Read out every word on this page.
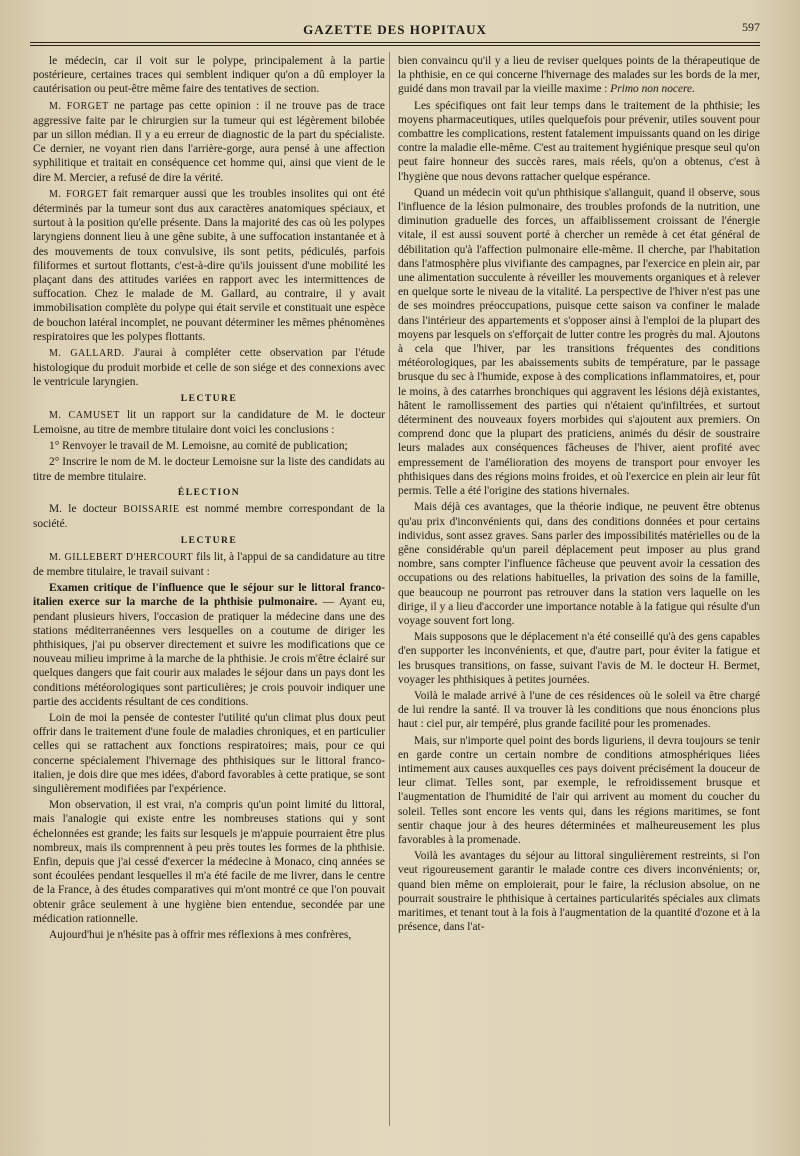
GAZETTE DES HOPITAUX	597

le médecin, car il voit sur le polype, principalement à la partie postérieure, certaines traces qui semblent indiquer qu'on a dû employer la cautérisation ou peut-être même faire des tentatives de section.

M. FORGET ne partage pas cette opinion : il ne trouve pas de trace aggressive faite par le chirurgien sur la tumeur qui est légèrement bilobée par un sillon médian. Il y a eu erreur de diagnostic de la part du spécialiste. Ce dernier, ne voyant rien dans l'arrière-gorge, aura pensé à une affection syphilitique et traitait en conséquence cet homme qui, ainsi que vient de le dire M. Mercier, a refusé de dire la vérité.

M. FORGET fait remarquer aussi que les troubles insolites qui ont été déterminés par la tumeur sont dus aux caractères anatomiques spéciaux, et surtout à la position qu'elle présente. Dans la majorité des cas où les polypes laryngiens donnent lieu à une gêne subite, à une suffocation instantanée et à des mouvements de toux convulsive, ils sont petits, pédiculés, parfois filiformes et surtout flottants, c'est-à-dire qu'ils jouissent d'une mobilité les plaçant dans des attitudes variées en rapport avec les intermittences de suffocation. Chez le malade de M. Gallard, au contraire, il y avait immobilisation complète du polype qui était servile et constituait une espèce de bouchon latéral incomplet, ne pouvant déterminer les mêmes phénomènes respiratoires que les polypes flottants.

M. GALLARD. J'aurai à compléter cette observation par l'étude histologique du produit morbide et celle de son siége et des connexions avec le ventricule laryngien.

LECTURE

M. CAMUSET lit un rapport sur la candidature de M. le docteur Lemoisne, au titre de membre titulaire dont voici les conclusions :

1° Renvoyer le travail de M. Lemoisne, au comité de publication;

2° Inscrire le nom de M. le docteur Lemoisne sur la liste des candidats au titre de membre titulaire.

ÉLECTION

M. le docteur BOISSARIE est nommé membre correspondant de la société.

LECTURE

M. GILLEBERT D'HERCOURT fils lit, à l'appui de sa candidature au titre de membre titulaire, le travail suivant :

Examen critique de l'influence que le séjour sur le littoral franco-italien exerce sur la marche de la phthisie pulmonaire. — Ayant eu, pendant plusieurs hivers, l'occasion de pratiquer la médecine dans une des stations méditerranéennes vers lesquelles on a coutume de diriger les phthisiques, j'ai pu observer directement et suivre les modifications que ce nouveau milieu imprime à la marche de la phthisie. Je crois m'être éclairé sur quelques dangers que fait courir aux malades le séjour dans un pays dont les conditions météorologiques sont particulières; je crois pouvoir indiquer une partie des accidents résultant de ces conditions.

Loin de moi la pensée de contester l'utilité qu'un climat plus doux peut offrir dans le traitement d'une foule de maladies chroniques, et en particulier celles qui se rattachent aux fonctions respiratoires; mais, pour ce qui concerne spécialement l'hivernage des phthisiques sur le littoral franco-italien, je dois dire que mes idées, d'abord favorables à cette pratique, se sont singulièrement modifiées par l'expérience.

Mon observation, il est vrai, n'a compris qu'un point limité du littoral, mais l'analogie qui existe entre les nombreuses stations qui y sont échelonnées est grande; les faits sur lesquels je m'appuie pourraient être plus nombreux, mais ils comprennent à peu près toutes les formes de la phthisie. Enfin, depuis que j'ai cessé d'exercer la médecine à Monaco, cinq années se sont écoulées pendant lesquelles il m'a été facile de me livrer, dans le centre de la France, à des études comparatives qui m'ont montré ce que l'on pouvait obtenir grâce seulement à une hygiène bien entendue, secondée par une médication rationnelle.

Aujourd'hui je n'hésite pas à offrir mes réflexions à mes confrères,

bien convaincu qu'il y a lieu de reviser quelques points de la thérapeutique de la phthisie, en ce qui concerne l'hivernage des malades sur les bords de la mer, guidé dans mon travail par la vieille maxime : Primo non nocere.

Les spécifiques ont fait leur temps dans le traitement de la phthisie; les moyens pharmaceutiques, utiles quelquefois pour prévenir, utiles souvent pour combattre les complications, restent fatalement impuissants quand on les dirige contre la maladie elle-même. C'est au traitement hygiénique presque seul qu'on peut faire honneur des succès rares, mais réels, qu'on a obtenus, c'est à l'hygiène que nous devons rattacher quelque espérance.

Quand un médecin voit qu'un phthisique s'allanguit, quand il observe, sous l'influence de la lésion pulmonaire, des troubles profonds de la nutrition, une diminution graduelle des forces, un affaiblissement croissant de l'énergie vitale, il est aussi souvent porté à chercher un remède à cet état général de débilitation qu'à l'affection pulmonaire elle-même. Il cherche, par l'habitation dans l'atmosphère plus vivifiante des campagnes, par l'exercice en plein air, par une alimentation succulente à réveiller les mouvements organiques et à relever en quelque sorte le niveau de la vitalité. La perspective de l'hiver n'est pas une de ses moindres préoccupations, puisque cette saison va confiner le malade dans l'intérieur des appartements et s'opposer ainsi à l'emploi de la plupart des moyens par lesquels on s'efforçait de lutter contre les progrès du mal. Ajoutons à cela que l'hiver, par les transitions fréquentes des conditions météorologiques, par les abaissements subits de température, par le passage brusque du sec à l'humide, expose à des complications inflammatoires, et, pour le moins, à des catarrhes bronchiques qui aggravent les lésions déjà existantes, hâtent le ramollissement des parties qui n'étaient qu'infiltrées, et surtout déterminent des nouveaux foyers morbides qui s'ajoutent aux premiers. On comprend donc que la plupart des praticiens, animés du désir de soustraire leurs malades aux conséquences fâcheuses de l'hiver, aient profité avec empressement de l'amélioration des moyens de transport pour envoyer les phthisiques dans des régions moins froides, et où l'exercice en plein air leur fût permis. Telle a été l'origine des stations hivernales.

Mais déjà ces avantages, que la théorie indique, ne peuvent être obtenus qu'au prix d'inconvénients qui, dans des conditions données et pour certains individus, sont assez graves. Sans parler des impossibilités matérielles ou de la gêne considérable qu'un pareil déplacement peut imposer au plus grand nombre, sans compter l'influence fâcheuse que peuvent avoir la cessation des occupations ou des relations habituelles, la privation des soins de la famille, que beaucoup ne pourront pas retrouver dans la station vers laquelle on les dirige, il y a lieu d'accorder une importance notable à la fatigue qui résulte d'un voyage souvent fort long.

Mais supposons que le déplacement n'a été conseillé qu'à des gens capables d'en supporter les inconvénients, et que, d'autre part, pour éviter la fatigue et les brusques transitions, on fasse, suivant l'avis de M. le docteur H. Bermet, voyager les phthisiques à petites journées.

Voilà le malade arrivé à l'une de ces résidences où le soleil va être chargé de lui rendre la santé. Il va trouver là les conditions que nous énoncions plus haut : ciel pur, air tempéré, plus grande facilité pour les promenades.

Mais, sur n'importe quel point des bords liguriens, il devra toujours se tenir en garde contre un certain nombre de conditions atmosphériques liées intimement aux causes auxquelles ces pays doivent précisément la douceur de leur climat. Telles sont, par exemple, le refroidissement brusque et l'augmentation de l'humidité de l'air qui arrivent au moment du coucher du soleil. Telles sont encore les vents qui, dans les régions maritimes, se font sentir chaque jour à des heures déterminées et malheureusement les plus favorables à la promenade.

Voilà les avantages du séjour au littoral singulièrement restreints, si l'on veut rigoureusement garantir le malade contre ces divers inconvénients; or, quand bien même on emploierait, pour le faire, la réclusion absolue, on ne pourrait soustraire le phthisique à certaines particularités spéciales aux climats maritimes, et tenant tout à la fois à l'augmentation de la quantité d'ozone et à la présence, dans l'at-
